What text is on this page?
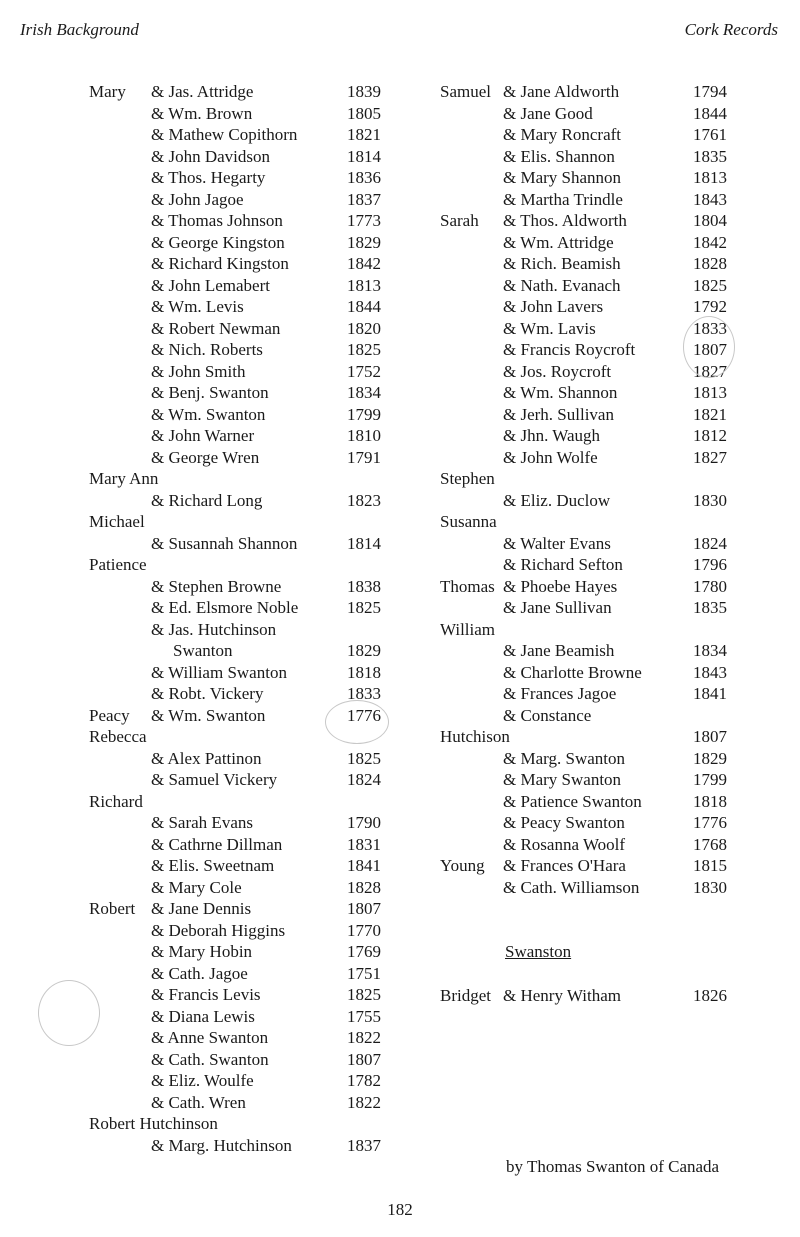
Irish Background	Cork Records
Mary & Jas. Attridge	1839
& Wm. Brown	1805
& Mathew Copithorn	1821
& John Davidson	1814
& Thos. Hegarty	1836
& John Jagoe	1837
& Thomas Johnson	1773
& George Kingston	1829
& Richard Kingston	1842
& John Lemabert	1813
& Wm. Levis	1844
& Robert Newman	1820
& Nich. Roberts	1825
& John Smith	1752
& Benj. Swanton	1834
& Wm. Swanton	1799
& John Warner	1810
& George Wren	1791
Mary Ann
& Richard Long	1823
Michael
& Susannah Shannon	1814
Patience
& Stephen Browne	1838
& Ed. Elsmore Noble	1825
& Jas. Hutchinson
Swanton	1829
& William Swanton	1818
& Robt. Vickery	1833
Peacy & Wm. Swanton	1776
Rebecca
& Alex Pattinon	1825
& Samuel Vickery	1824
Richard
& Sarah Evans	1790
& Cathrne Dillman	1831
& Elis. Sweetnam	1841
& Mary Cole	1828
Robert & Jane Dennis	1807
& Deborah Higgins	1770
& Mary Hobin	1769
& Cath. Jagoe	1751
& Francis Levis	1825
& Diana Lewis	1755
& Anne Swanton	1822
& Cath. Swanton	1807
& Eliz. Woulfe	1782
& Cath. Wren	1822
Robert Hutchinson
& Marg. Hutchinson	1837
Samuel & Jane Aldworth	1794
& Jane Good	1844
& Mary Roncraft	1761
& Elis. Shannon	1835
& Mary Shannon	1813
& Martha Trindle	1843
Sarah & Thos. Aldworth	1804
& Wm. Attridge	1842
& Rich. Beamish	1828
& Nath. Evanach	1825
& John Lavers	1792
& Wm. Lavis	1833
& Francis Roycroft	1807
& Jos. Roycroft	1827
& Wm. Shannon	1813
& Jerh. Sullivan	1821
& Jhn. Waugh	1812
& John Wolfe	1827
Stephen
& Eliz. Duclow	1830
Susanna
& Walter Evans	1824
& Richard Sefton	1796
Thomas & Phoebe Hayes	1780
& Jane Sullivan	1835
William
& Jane Beamish	1834
& Charlotte Browne	1843
& Frances Jagoe	1841
& Constance
Hutchison	1807
& Marg. Swanton	1829
& Mary Swanton	1799
& Patience Swanton	1818
& Peacy Swanton	1776
& Rosanna Woolf	1768
Young & Frances O'Hara	1815
& Cath. Williamson	1830
Swanston
Bridget & Henry Witham	1826
by Thomas Swanton of Canada
182
